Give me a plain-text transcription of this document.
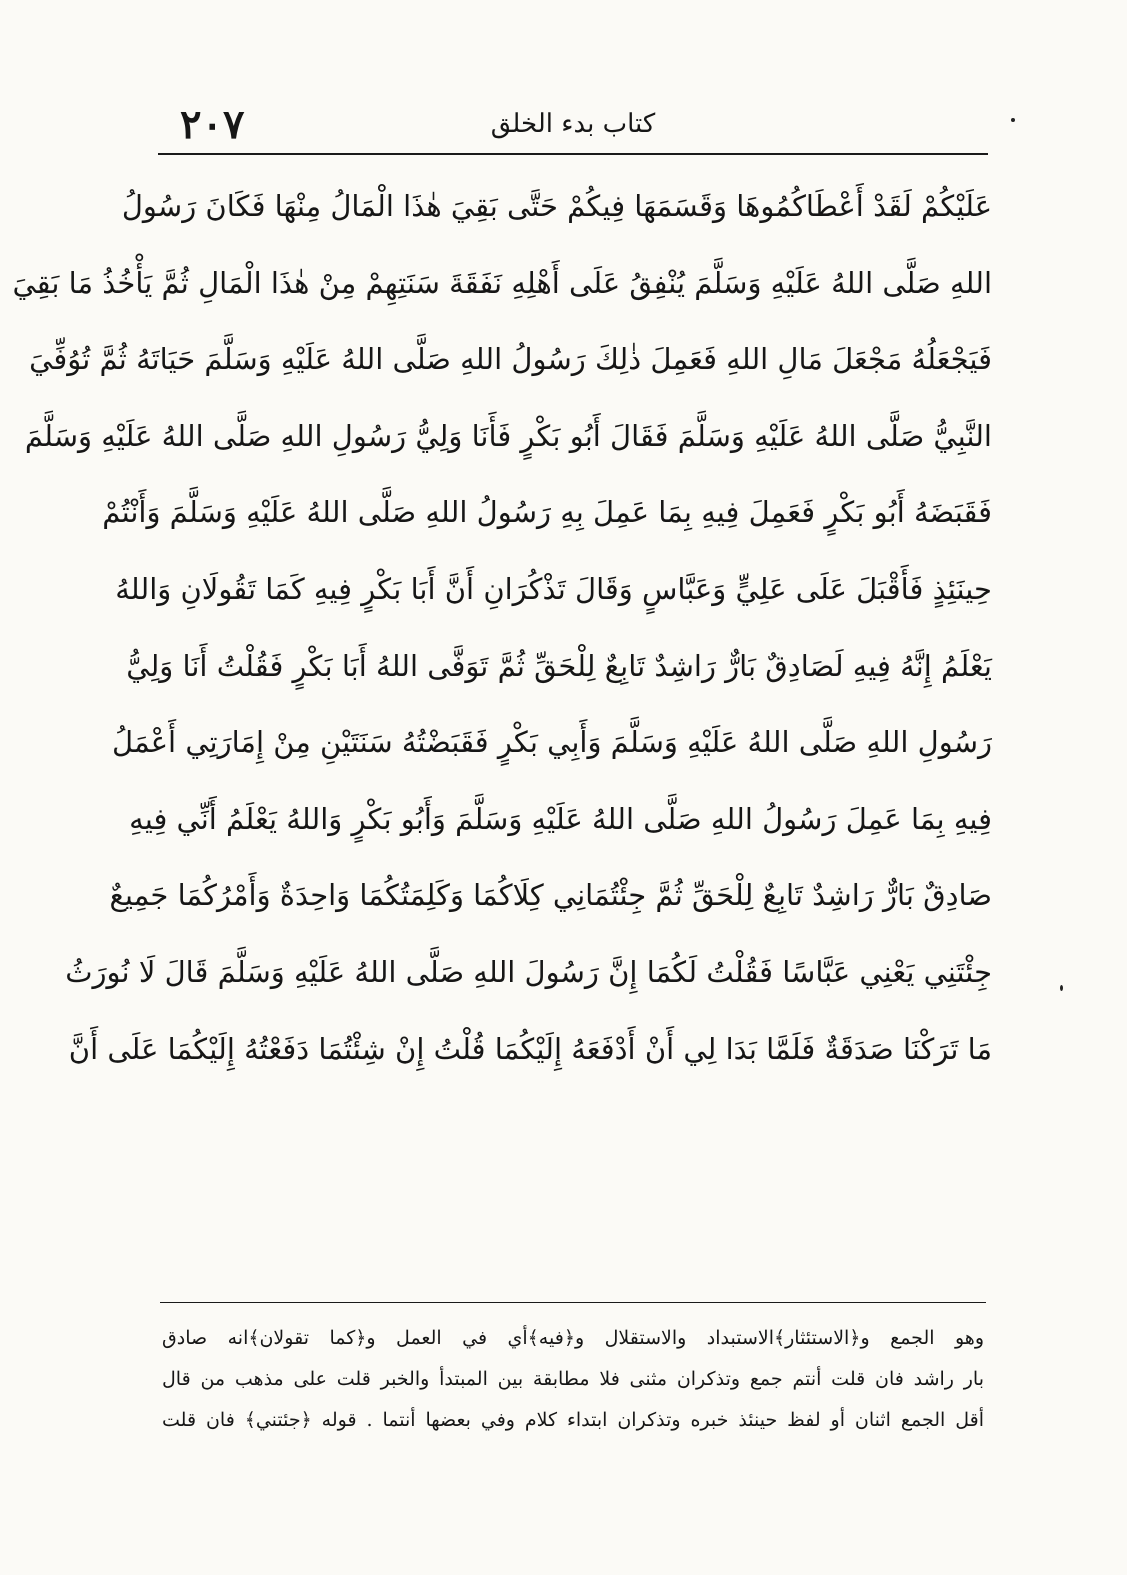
٢٠٧	كتاب بدء الخلق
عَلَيْكُمْ لَقَدْ أَعْطَاكُمُوهَا وَقَسَمَهَا فِيكُمْ حَتَّى بَقِيَ هٰذَا الْمَالُ مِنْهَا فَكَانَ رَسُولُ
اللهِ صَلَّى اللهُ عَلَيْهِ وَسَلَّمَ يُنْفِقُ عَلَى أَهْلِهِ نَفَقَةَ سَنَتِهِمْ مِنْ هٰذَا الْمَالِ ثُمَّ يَأْخُذُ مَا بَقِيَ
فَيَجْعَلُهُ مَجْعَلَ مَالِ اللهِ فَعَمِلَ ذٰلِكَ رَسُولُ اللهِ صَلَّى اللهُ عَلَيْهِ وَسَلَّمَ حَيَاتَهُ ثُمَّ تُوُفِّيَ
النَّبِيُّ صَلَّى اللهُ عَلَيْهِ وَسَلَّمَ فَقَالَ أَبُو بَكْرٍ فَأَنَا وَلِيُّ رَسُولِ اللهِ صَلَّى اللهُ عَلَيْهِ وَسَلَّمَ
فَقَبَضَهُ أَبُو بَكْرٍ فَعَمِلَ فِيهِ بِمَا عَمِلَ بِهِ رَسُولُ اللهِ صَلَّى اللهُ عَلَيْهِ وَسَلَّمَ وَأَنْتُمْ
حِينَئِذٍ فَأَقْبَلَ عَلَى عَلِيٍّ وَعَبَّاسٍ وَقَالَ تَذْكُرَانِ أَنَّ أَبَا بَكْرٍ فِيهِ كَمَا تَقُولَانِ وَاللهُ
يَعْلَمُ إِنَّهُ فِيهِ لَصَادِقٌ بَارٌّ رَاشِدٌ تَابِعٌ لِلْحَقِّ ثُمَّ تَوَفَّى اللهُ أَبَا بَكْرٍ فَقُلْتُ أَنَا وَلِيُّ
رَسُولِ اللهِ صَلَّى اللهُ عَلَيْهِ وَسَلَّمَ وَأَبِي بَكْرٍ فَقَبَضْتُهُ سَنَتَيْنِ مِنْ إِمَارَتِي أَعْمَلُ
فِيهِ بِمَا عَمِلَ رَسُولُ اللهِ صَلَّى اللهُ عَلَيْهِ وَسَلَّمَ وَأَبُو بَكْرٍ وَاللهُ يَعْلَمُ أَنِّي فِيهِ
صَادِقٌ بَارٌّ رَاشِدٌ تَابِعٌ لِلْحَقِّ ثُمَّ جِئْتُمَانِي كِلَاكُمَا وَكَلِمَتُكُمَا وَاحِدَةٌ وَأَمْرُكُمَا جَمِيعٌ
جِئْتَنِي يَعْنِي عَبَّاسًا فَقُلْتُ لَكُمَا إِنَّ رَسُولَ اللهِ صَلَّى اللهُ عَلَيْهِ وَسَلَّمَ قَالَ لَا نُورَثُ
مَا تَرَكْنَا صَدَقَةٌ فَلَمَّا بَدَا لِي أَنْ أَدْفَعَهُ إِلَيْكُمَا قُلْتُ إِنْ شِئْتُمَا دَفَعْتُهُ إِلَيْكُمَا عَلَى أَنَّ
وهو الجمع و﴿الاستئثار﴾الاستبداد والاستقلال و﴿فيه﴾أي في العمل و﴿كما تقولان﴾انه صادق
بار راشد فان قلت أنتم جمع وتذكران مثنى فلا مطابقة بين المبتدأ والخبر قلت على مذهب من قال
أقل الجمع اثنان أو لفظ حينئذ خبره وتذكران ابتداء كلام وفي بعضها أنتما . قوله ﴿جئتني﴾ فان قلت
